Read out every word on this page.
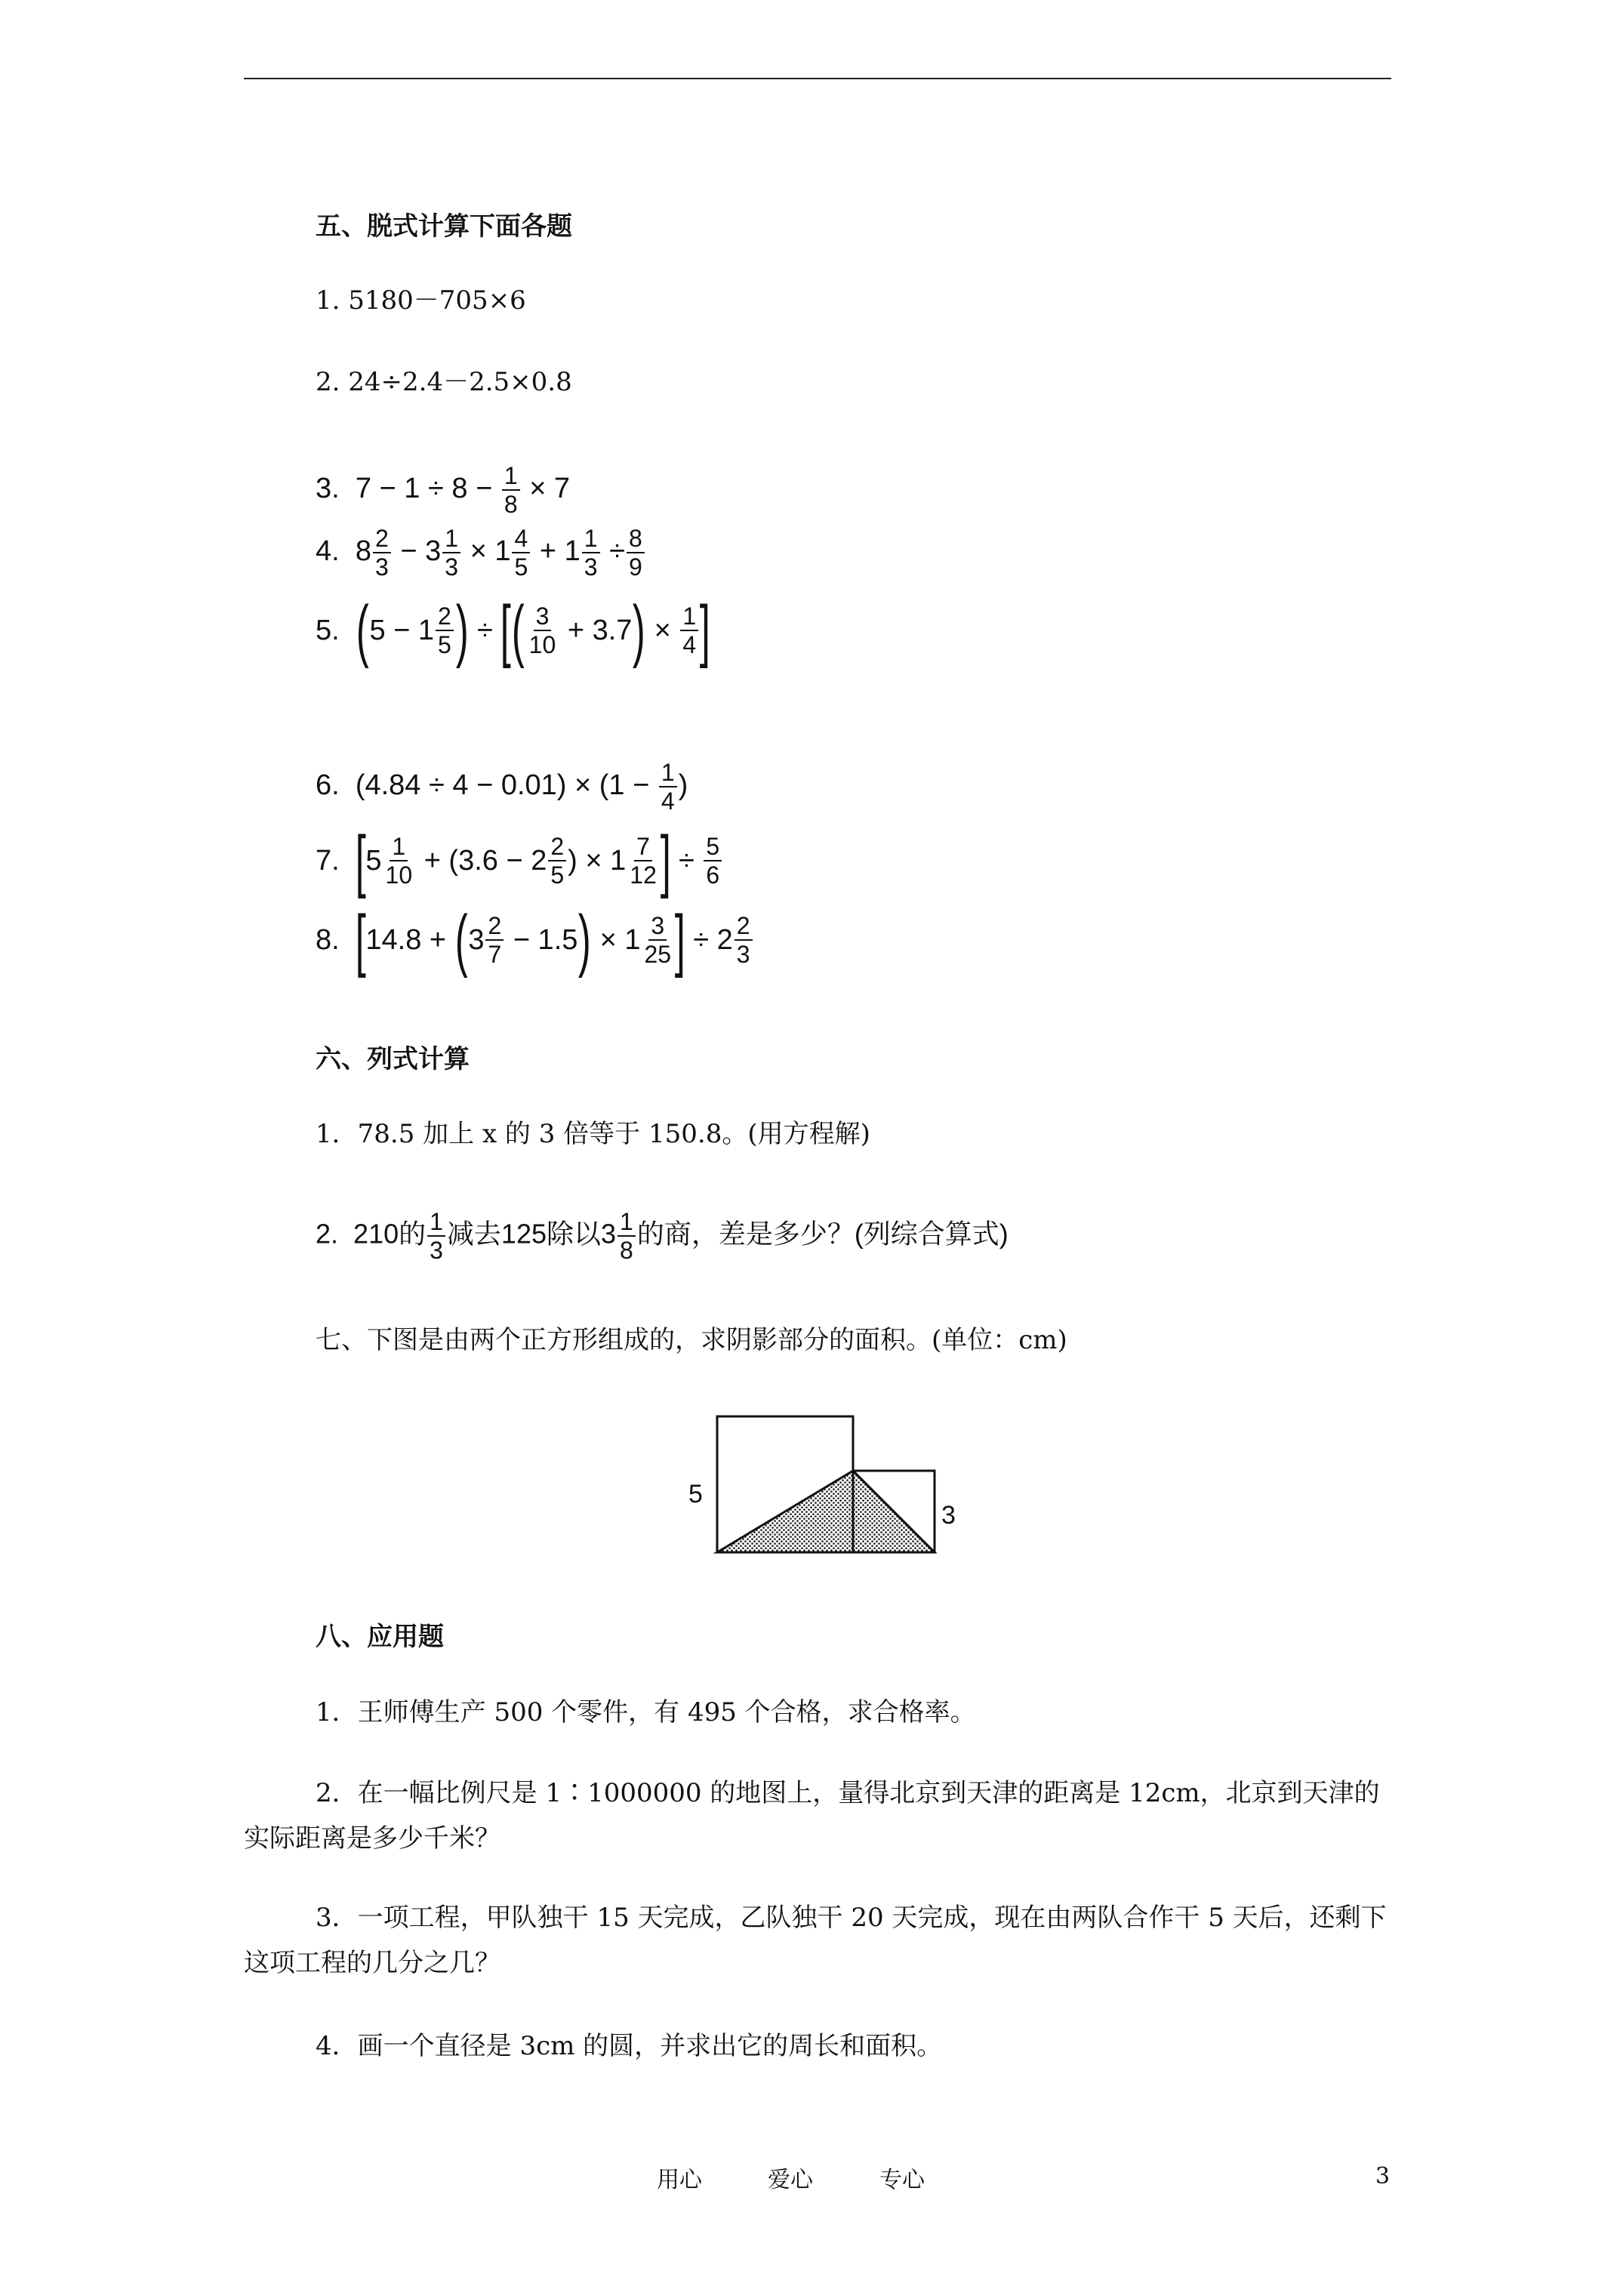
五、脱式计算下面各题
1. 5180－705×6
2. 24÷2.4－2.5×0.8
3. $7 - 1 \div 8 - \frac{1}{8} \times 7$
4. $8 \frac{2}{3} - 3 \frac{1}{3} \times 1 \frac{4}{5} + 1 \frac{1}{3} \div \frac{8}{9}$
5.
( $5 - 1 \frac{2}{5}$ )
÷
[ ( $\frac{3}{10}$
+ 3.7 )
×
$\frac{1}{4}$ ]
6. $(4.84 \div 4 - 0.01) \times (1 - \frac{1}{4}$ )
7.
[ $5 \frac{1}{10}$
+ ($3.6 - 2 \frac{2}{5}$ ) × $1 \frac{7}{12}$ ]
÷
$\frac{5}{6}$
8.
[ 14.8 +
( $3 \frac{2}{7}$
− 1.5 )
× $1 \frac{3}{25}$ ]
÷ $2 \frac{2}{3}$
六、列式计算
1．78.5 加上 x 的 3 倍等于 150.8。(用方程解)
2. 210的 $\frac{1}{3}$ 减去125除以$3 \frac{1}{8}$ 的商，差是多少？(列综合算式)
七、下图是由两个正方形组成的，求阴影部分的面积。(单位：cm)
5
3
八、应用题
1．王师傅生产 500 个零件，有 495 个合格，求合格率。
2．在一幅比例尺是 1∶1000000 的地图上，量得北京到天津的距离是 12cm，北京到天津的实际距离是多少千米？
3．一项工程，甲队独干 15 天完成，乙队独干 20 天完成，现在由两队合作干 5 天后，还剩下这项工程的几分之几？
4．画一个直径是 3cm 的圆，并求出它的周长和面积。
用心	爱心	专心	3
